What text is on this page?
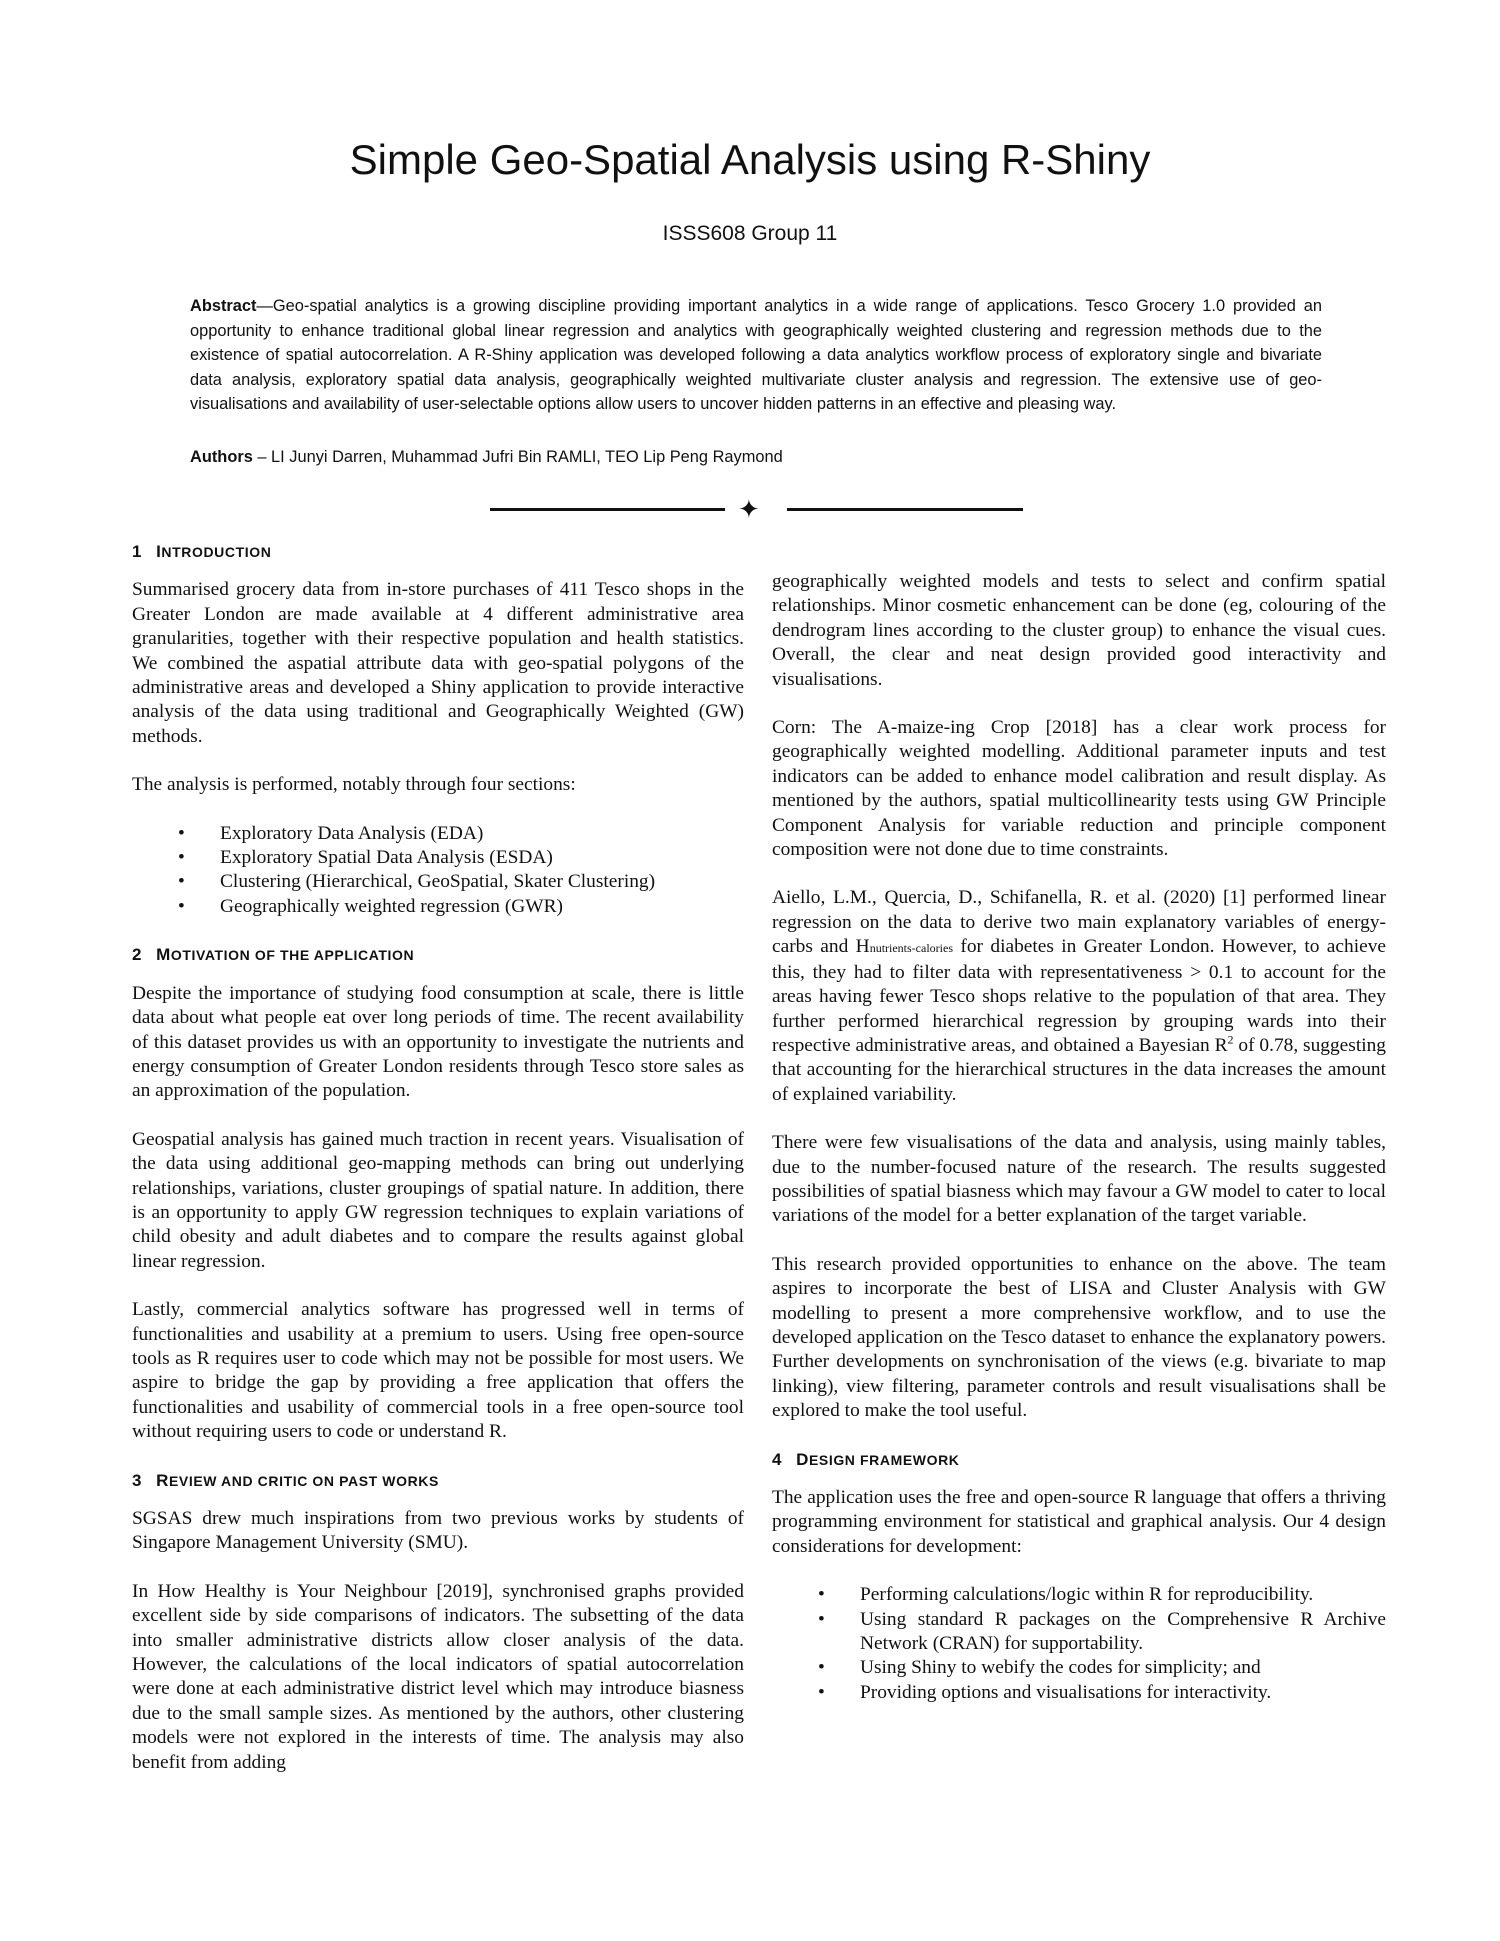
Simple Geo-Spatial Analysis using R-Shiny
ISSS608 Group 11
Abstract—Geo-spatial analytics is a growing discipline providing important analytics in a wide range of applications. Tesco Grocery 1.0 provided an opportunity to enhance traditional global linear regression and analytics with geographically weighted clustering and regression methods due to the existence of spatial autocorrelation. A R-Shiny application was developed following a data analytics workflow process of exploratory single and bivariate data analysis, exploratory spatial data analysis, geographically weighted multivariate cluster analysis and regression. The extensive use of geo-visualisations and availability of user-selectable options allow users to uncover hidden patterns in an effective and pleasing way.
Authors – LI Junyi Darren, Muhammad Jufri Bin RAMLI, TEO Lip Peng Raymond
✦
1 INTRODUCTION

Summarised grocery data from in-store purchases of 411 Tesco shops in the Greater London are made available at 4 different administrative area granularities, together with their respective population and health statistics. We combined the aspatial attribute data with geo-spatial polygons of the administrative areas and developed a Shiny application to provide interactive analysis of the data using traditional and Geographically Weighted (GW) methods.

The analysis is performed, notably through four sections:

• Exploratory Data Analysis (EDA)
• Exploratory Spatial Data Analysis (ESDA)
• Clustering (Hierarchical, GeoSpatial, Skater Clustering)
• Geographically weighted regression (GWR)
2 MOTIVATION OF THE APPLICATION

Despite the importance of studying food consumption at scale, there is little data about what people eat over long periods of time. The recent availability of this dataset provides us with an opportunity to investigate the nutrients and energy consumption of Greater London residents through Tesco store sales as an approximation of the population.

Geospatial analysis has gained much traction in recent years. Visualisation of the data using additional geo-mapping methods can bring out underlying relationships, variations, cluster groupings of spatial nature. In addition, there is an opportunity to apply GW regression techniques to explain variations of child obesity and adult diabetes and to compare the results against global linear regression.

Lastly, commercial analytics software has progressed well in terms of functionalities and usability at a premium to users. Using free open-source tools as R requires user to code which may not be possible for most users. We aspire to bridge the gap by providing a free application that offers the functionalities and usability of commercial tools in a free open-source tool without requiring users to code or understand R.

3 REVIEW AND CRITIC ON PAST WORKS

SGSAS drew much inspirations from two previous works by students of Singapore Management University (SMU).

In How Healthy is Your Neighbour [2019], synchronised graphs provided excellent side by side comparisons of indicators. The subsetting of the data into smaller administrative districts allow closer analysis of the data. However, the calculations of the local indicators of spatial autocorrelation were done at each administrative district level which may introduce biasness due to the small sample sizes. As mentioned by the authors, other clustering models were not explored in the interests of time. The analysis may also benefit from adding

geographically weighted models and tests to select and confirm spatial relationships. Minor cosmetic enhancement can be done (eg, colouring of the dendrogram lines according to the cluster group) to enhance the visual cues. Overall, the clear and neat design provided good interactivity and visualisations.

Corn: The A-maize-ing Crop [2018] has a clear work process for geographically weighted modelling. Additional parameter inputs and test indicators can be added to enhance model calibration and result display. As mentioned by the authors, spatial multicollinearity tests using GW Principle Component Analysis for variable reduction and principle component composition were not done due to time constraints.

Aiello, L.M., Quercia, D., Schifanella, R. et al. (2020) [1] performed linear regression on the data to derive two main explanatory variables of energy-carbs and Hnutrients-calories for diabetes in Greater London. However, to achieve this, they had to filter data with representativeness > 0.1 to account for the areas having fewer Tesco shops relative to the population of that area. They further performed hierarchical regression by grouping wards into their respective administrative areas, and obtained a Bayesian $R^2$ of 0.78, suggesting that accounting for the hierarchical structures in the data increases the amount of explained variability.

There were few visualisations of the data and analysis, using mainly tables, due to the number-focused nature of the research. The results suggested possibilities of spatial biasness which may favour a GW model to cater to local variations of the model for a better explanation of the target variable.

This research provided opportunities to enhance on the above. The team aspires to incorporate the best of LISA and Cluster Analysis with GW modelling to present a more comprehensive workflow, and to use the developed application on the Tesco dataset to enhance the explanatory powers. Further developments on synchronisation of the views (e.g. bivariate to map linking), view filtering, parameter controls and result visualisations shall be explored to make the tool useful.

4 DESIGN FRAMEWORK

The application uses the free and open-source R language that offers a thriving programming environment for statistical and graphical analysis. Our 4 design considerations for development:

• Performing calculations/logic within R for reproducibility.
• Using standard R packages on the Comprehensive R Archive Network (CRAN) for supportability.
• Using Shiny to webify the codes for simplicity; and
• Providing options and visualisations for interactivity.
